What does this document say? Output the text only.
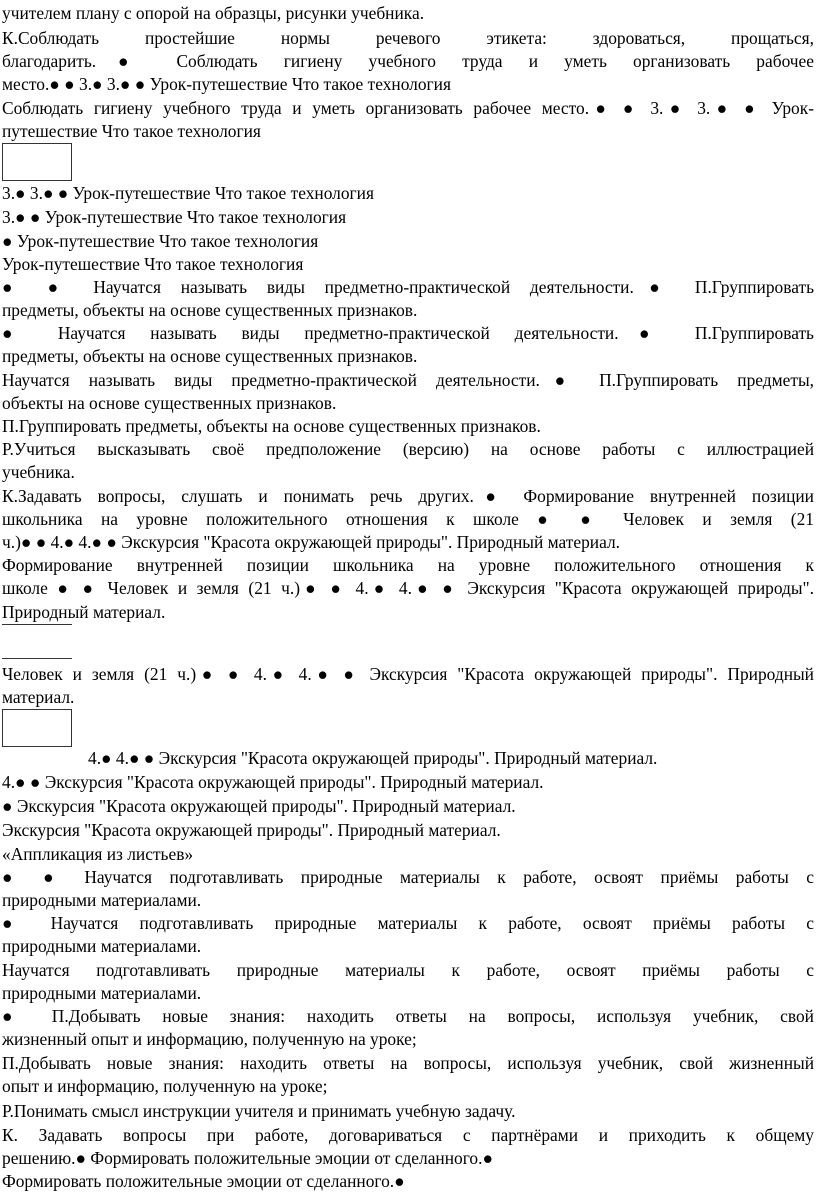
учителем плану с опорой на образцы, рисунки учебника.
К.Соблюдать простейшие нормы речевого этикета: здороваться, прощаться,
благодарить.● Соблюдать гигиену учебного труда и уметь организовать рабочее
место.● ● 3.● 3.● ● Урок-путешествие Что такое технология
Соблюдать гигиену учебного труда и уметь организовать рабочее место.● ● 3.● 3.● ● Урок-
путешествие Что такое технология
3.● 3.● ● Урок-путешествие Что такое технология
3.● ● Урок-путешествие Что такое технология
● Урок-путешествие Что такое технология
Урок-путешествие Что такое технология
● ● Научатся называть виды предметно-практической деятельности.● П.Группировать
предметы, объекты на основе существенных признаков.
● Научатся называть виды предметно-практической деятельности.● П.Группировать
предметы, объекты на основе существенных признаков.
Научатся называть виды предметно-практической деятельности.● П.Группировать предметы,
объекты на основе существенных признаков.
П.Группировать предметы, объекты на основе существенных признаков.
Р.Учиться высказывать своё предположение (версию) на основе работы с иллюстрацией
учебника.
К.Задавать вопросы, слушать и понимать речь других.● Формирование внутренней позиции
школьника на уровне положительного отношения к школе ● ● Человек и земля (21
ч.)● ● 4.● 4.● ● Экскурсия "Красота окружающей природы". Природный материал.
Формирование внутренней позиции школьника на уровне положительного отношения к
школе ● ● Человек и земля (21 ч.)● ● 4.● 4.● ● Экскурсия "Красота окружающей природы".
Природный материал.
Человек и земля (21 ч.)● ● 4.● 4.● ● Экскурсия "Красота окружающей природы". Природный
материал.
4.● 4.● ● Экскурсия "Красота окружающей природы". Природный материал.
4.● ● Экскурсия "Красота окружающей природы". Природный материал.
● Экскурсия "Красота окружающей природы". Природный материал.
Экскурсия "Красота окружающей природы". Природный материал.
«Аппликация из листьев»
● ● Научатся подготавливать природные материалы к работе, освоят приёмы работы с
природными материалами.
● Научатся подготавливать природные материалы к работе, освоят приёмы работы с
природными материалами.
Научатся подготавливать природные материалы к работе, освоят приёмы работы с
природными материалами.
● П.Добывать новые знания: находить ответы на вопросы, используя учебник, свой
жизненный опыт и информацию, полученную на уроке;
П.Добывать новые знания: находить ответы на вопросы, используя учебник, свой жизненный
опыт и информацию, полученную на уроке;
Р.Понимать смысл инструкции учителя и принимать учебную задачу.
К. Задавать вопросы при работе, договариваться с партнёрами и приходить к общему
решению.● Формировать положительные эмоции от сделанного.●
Формировать положительные эмоции от сделанного.●
